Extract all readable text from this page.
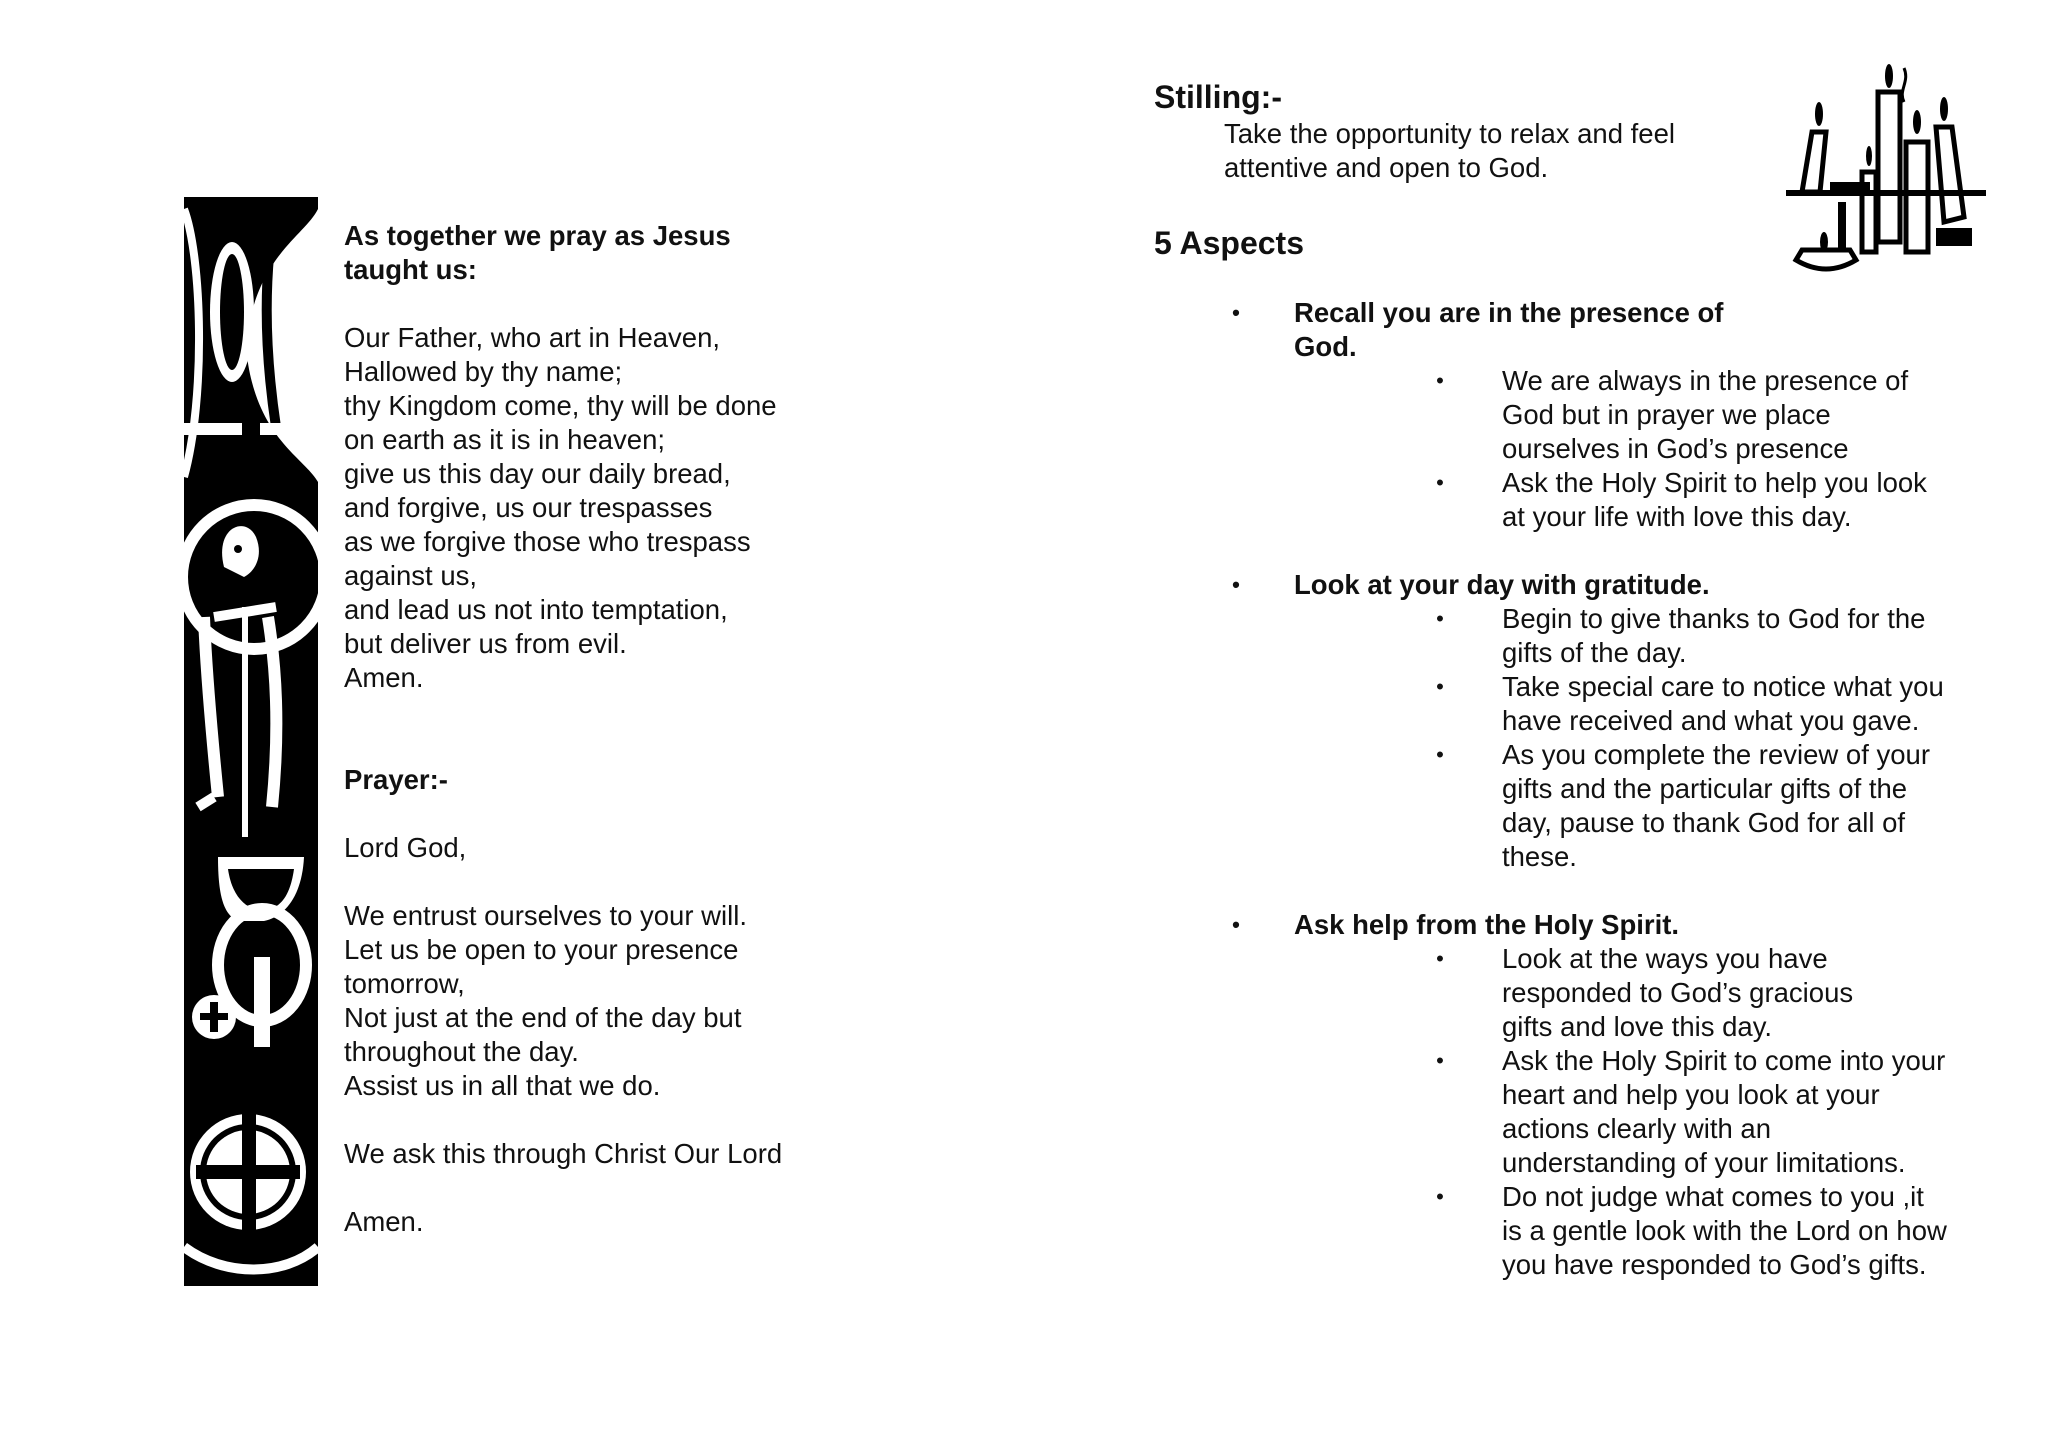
As together we pray as Jesus

taught us:

Our Father, who art in Heaven,

Hallowed by thy name;

thy Kingdom come, thy will be done

on earth as it is in heaven;

give us this day our daily bread,

and forgive, us our trespasses

as we forgive those who trespass

against us,

and lead us not into temptation,

but deliver us from evil.

Amen.

Prayer:-

Lord God,

We entrust ourselves to your will.

Let us be open to your presence

tomorrow,

Not just at the end of the day but

throughout the day.

Assist us in all that we do.

We ask this through Christ Our Lord

Amen.

Stilling:-
Take the opportunity to relax and feel
attentive and open to God.
5 Aspects
• Recall you are in the presence of
God.
• We are always in the presence of
God but in prayer we place
ourselves in God’s presence
• Ask the Holy Spirit to help you look
at your life with love this day.
• Look at your day with gratitude.
• Begin to give thanks to God for the
gifts of the day.
• Take special care to notice what you
have received and what you gave.
• As you complete the review of your
gifts and the particular gifts of the
day, pause to thank God for all of
these.
• Ask help from the Holy Spirit.
• Look at the ways you have
responded to God’s gracious
gifts and love this day.
• Ask the Holy Spirit to come into your
heart and help you look at your
actions clearly with an
understanding of your limitations.
• Do not judge what comes to you ,it
is a gentle look with the Lord on how
you have responded to God’s gifts.
